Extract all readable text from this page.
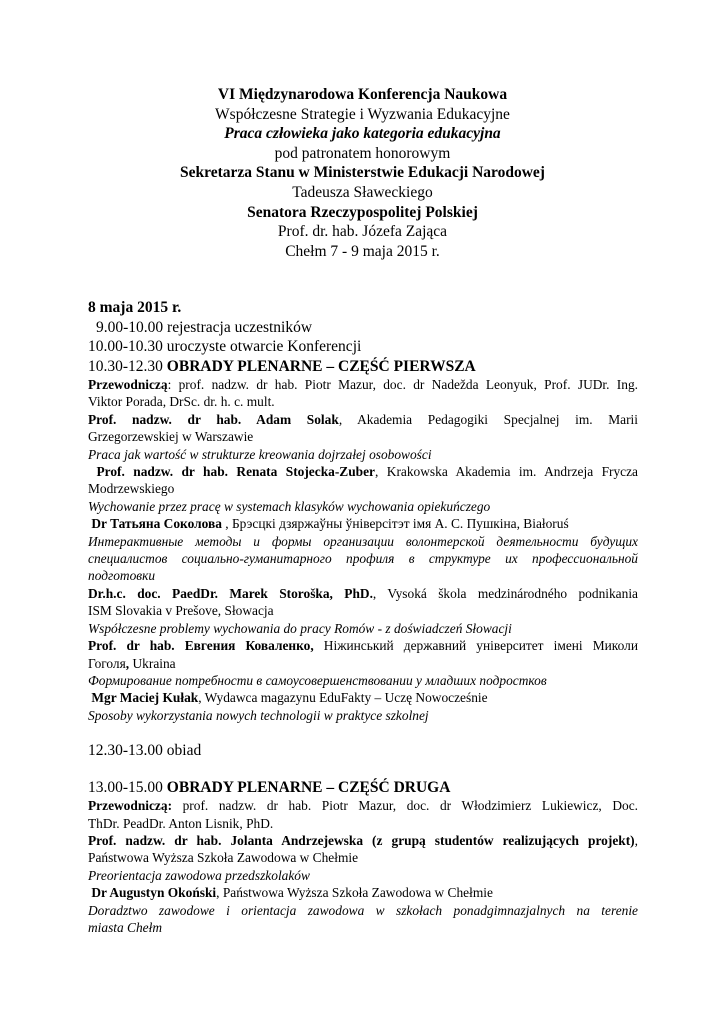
VI Międzynarodowa Konferencja Naukowa
Współczesne Strategie i Wyzwania Edukacyjne
Praca człowieka jako kategoria edukacyjna
pod patronatem honorowym
Sekretarza Stanu w Ministerstwie Edukacji Narodowej
Tadeusza Sławeckiego
Senatora Rzeczypospolitej Polskiej
Prof. dr. hab. Józefa Zająca
Chełm 7 - 9 maja 2015 r.
8 maja 2015 r.
9.00-10.00 rejestracja uczestników
10.00-10.30 uroczyste otwarcie Konferencji
10.30-12.30 OBRADY PLENARNE – CZĘŚĆ PIERWSZA
Przewodniczą: prof. nadzw. dr hab. Piotr Mazur, doc. dr Nadežda Leonyuk, Prof. JUDr. Ing.
Viktor Porada, DrSc. dr. h. c. mult.
Prof. nadzw. dr hab. Adam Solak, Akademia Pedagogiki Specjalnej im. Marii
Grzegorzewskiej w Warszawie
Praca jak wartość w strukturze kreowania dojrzałej osobowości
Prof. nadzw. dr hab. Renata Stojecka-Zuber, Krakowska Akademia im. Andrzeja Frycza
Modrzewskiego
Wychowanie przez pracę w systemach klasyków wychowania opiekuńczego
Dr Татьяна Соколова , Брэсцкі дзяржаўны ўніверсітэт імя А. С. Пушкіна, Białoruś
Интерактивные методы и формы организации волонтерской деятельности будущих
специалистов социально-гуманитарного профиля в структуре их профессиональной
подготовки
Dr.h.c. doc. PaedDr. Marek Storoška, PhD., Vysoká škola medzinárodného podnikania
ISM Slovakia v Prešove, Słowacja
Współczesne problemy wychowania do pracy Romów - z doświadczeń Słowacji
Prof. dr hab. Евгения Коваленко, Ніжинський державний університет імені Миколи
Гоголя, Ukraina
Формирование потребности в самоусовершенствовании у младших подростков
Mgr Maciej Kułak, Wydawca magazynu EduFakty – Uczę Nowocześnie
Sposoby wykorzystania nowych technologii w praktyce szkolnej
12.30-13.00 obiad
13.00-15.00 OBRADY PLENARNE – CZĘŚĆ DRUGA
Przewodniczą: prof. nadzw. dr hab. Piotr Mazur, doc. dr Włodzimierz Lukiewicz, Doc.
ThDr. PeadDr. Anton Lisnik, PhD.
Prof. nadzw. dr hab. Jolanta Andrzejewska (z grupą studentów realizujących projekt),
Państwowa Wyższa Szkoła Zawodowa w Chełmie
Preorientacja zawodowa przedszkolaków
Dr Augustyn Okoński, Państwowa Wyższa Szkoła Zawodowa w Chełmie
Doradztwo zawodowe i orientacja zawodowa w szkołach ponadgimnazjalnych na terenie
miasta Chełm
